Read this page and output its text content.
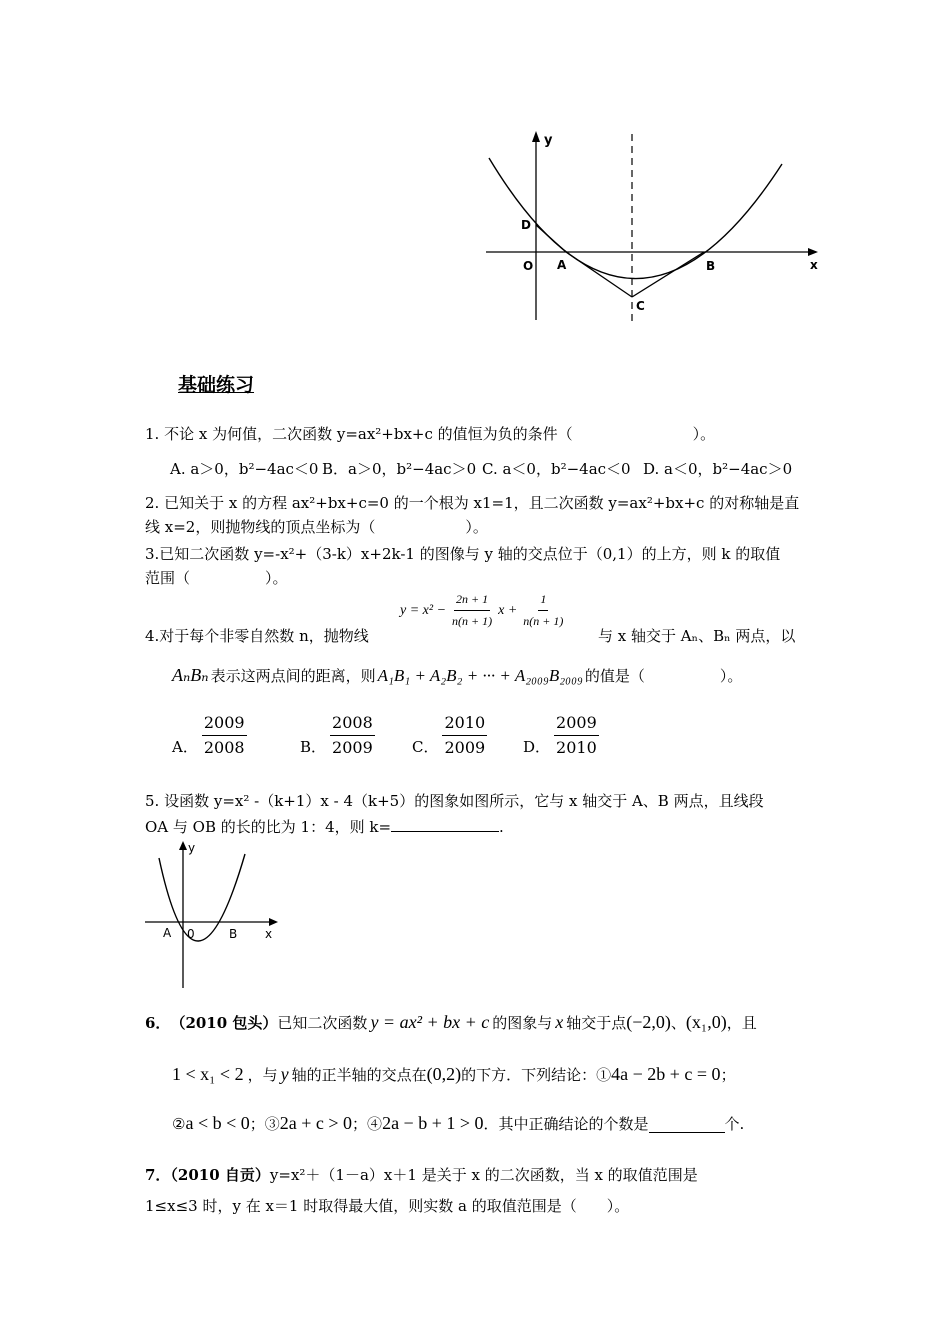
y
x
D
O A	B
C
基础练习
1. 不论 x 为何值，二次函数 y=ax²+bx+c 的值恒为负的条件（　　　　　　　　）。
A. a＞0，b²−4ac＜0 B．a＞0，b²−4ac＞0 C. a＜0，b²−4ac＜0 D. a＜0，b²−4ac＞0
2. 已知关于 x 的方程 ax²+bx+c=0 的一个根为 x1=1，且二次函数 y=ax²+bx+c 的对称轴是直
线 x=2，则抛物线的顶点坐标为（　　　　　　）。
3.已知二次函数 y=-x²+（3-k）x+2k-1 的图像与 y 轴的交点位于（0,1）的上方，则 k 的取值
范围（　　　　　）。
$y = x^2 - \frac{2n + 1}{n(n + 1)}$ $x + \frac{1}{n(n + 1)}$
4.对于每个非零自然数 n，抛物线	与 x 轴交于 Aₙ、Bₙ 两点，以
AₙBₙ 表示这两点间的距离，则 A₁B₁ + A₂B₂ + ··· + A₂₀₀₉B₂₀₀₉ 的值是（　　　　　）。
A． $\frac{2009}{2008}$	B． $\frac{2008}{2009}$ C． $\frac{2010}{2009}$ D． $\frac{2009}{2010}$
5. 设函数 y=x² -（k+1）x - 4（k+5）的图象如图所示，它与 x 轴交于 A、B 两点，且线段
OA 与 OB 的长的比为 1：4，则 k=	.
y
x
A 0	B
6． （2010 包头） 已知二次函数 y = ax² + bx + c 的图象与 x 轴交于点 (−2,0) 、 (x₁,0) ，且
1 < x₁ < 2 ，与 y 轴的正半轴的交点在 (0,2) 的下方．下列结论：① 4a − 2b + c = 0 ；
② a < b < 0 ；③ 2a + c > 0 ；④ 2a − b + 1 > 0 ．其中正确结论的个数是	个.
7．（2010 自贡）y=x²＋（1－a）x＋1 是关于 x 的二次函数，当 x 的取值范围是
1≤x≤3 时，y 在 x＝1 时取得最大值，则实数 a 的取值范围是（　　）。
